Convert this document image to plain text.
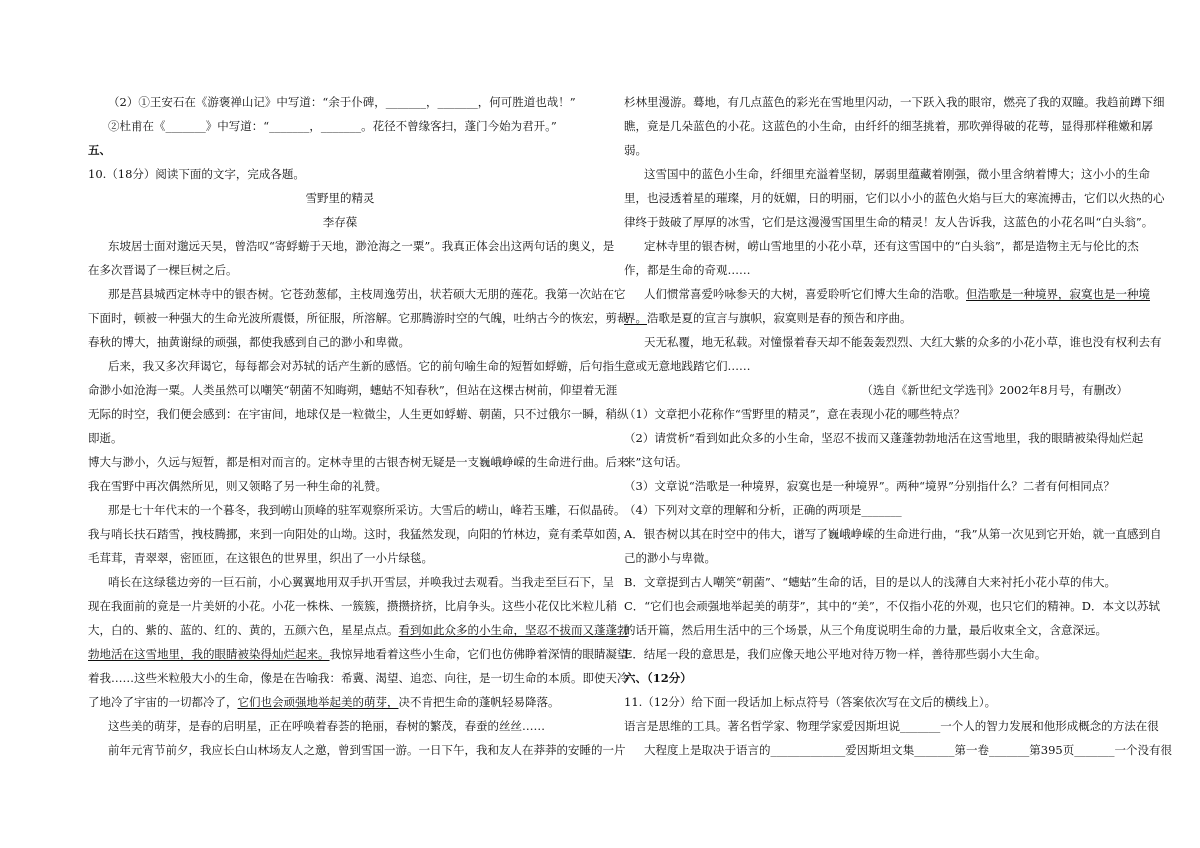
（2）①王安石在《游褒禅山记》中写道：“余于仆碑，_______，_______，何可胜道也哉！”
②杜甫在《_______》中写道：“_______，_______。花径不曾缘客扫，蓬门今始为君开。”
五、
10.（18分）阅读下面的文字，完成各题。
雪野里的精灵
李存葆
东坡居士面对邈远天昊，曾浩叹“寄蜉蝣于天地，渺沧海之一粟”。我真正体会出这两句话的奥义，是
在多次晋谒了一棵巨树之后。
那是莒县城西定林寺中的银杏树。它苍劲葱郁，主枝周逸劳出，状若硕大无朋的莲花。我第一次站在它
下面时，顿被一种强大的生命光波所震慑，所征服，所溶解。它那腾游时空的气魄，吐纳古今的恢宏，剪裁
春秋的博大，抽黄谢绿的顽强，都使我感到自己的渺小和卑微。
后来，我又多次拜谒它，每每都会对苏轼的话产生新的感悟。它的前句喻生命的短暂如蜉蝣，后句指生
命渺小如沧海一粟。人类虽然可以嘲笑“朝菌不知晦朔，蟪蛄不知春秋”，但站在这棵古树前，仰望着无涯
无际的时空，我们便会感到：在宇宙间，地球仅是一粒微尘，人生更如蜉蝣、朝菌，只不过俄尔一瞬，稍纵
即逝。
博大与渺小，久远与短暂，都是相对而言的。定林寺里的古银杏树无疑是一支巍峨峥嵘的生命进行曲。后来
我在雪野中再次偶然所见，则又领略了另一种生命的礼赞。
那是七十年代末的一个暮冬，我到崂山顶峰的驻军观察所采访。大雪后的崂山，峰若玉雕，石似晶砖。
我与哨长扶石踏雪，拽枝腾挪，来到一向阳处的山坳。这时，我猛然发现，向阳的竹林边，竟有柔草如茵，
毛茸茸，青翠翠，密匝匝，在这银色的世界里，织出了一小片绿毯。
哨长在这绿毯边旁的一巨石前，小心翼翼地用双手扒开雪层，并唤我过去观看。当我走至巨石下，呈
现在我面前的竟是一片美妍的小花。小花一株株、一簇簇，攒攒挤挤，比肩争头。这些小花仅比米粒儿稍
大，白的、紫的、蓝的、红的、黄的，五颜六色，星星点点。看到如此众多的小生命，坚忍不拔而又蓬蓬勃
勃地活在这雪地里，我的眼睛被染得灿烂起来。我惊异地看着这些小生命，它们也仿佛睁着深情的眼睛凝望
着我……这些米粒般大小的生命，像是在告喻我：希冀、渴望、追恋、向往，是一切生命的本质。即使天冷
了地冷了宇宙的一切都冷了，它们也会顽强地举起美的萌芽，决不肯把生命的蓬帆轻易降落。
这些美的萌芽，是春的启明星，正在呼唤着春荟的艳丽，春树的繁茂，春蚕的丝丝……
前年元宵节前夕，我应长白山林场友人之邀，曾到雪国一游。一日下午，我和友人在莽莽的安睡的一片
杉林里漫游。蓦地，有几点蓝色的彩光在雪地里闪动，一下跃入我的眼帘，燃亮了我的双瞳。我趋前蹲下细
瞧，竟是几朵蓝色的小花。这蓝色的小生命，由纤纤的细茎挑着，那吹弹得破的花萼，显得那样稚嫩和孱
弱。
这雪国中的蓝色小生命，纤细里充溢着坚韧，孱弱里蕴藏着刚强，微小里含纳着博大；这小小的生命
里，也浸透着星的璀璨，月的妩媚，日的明丽，它们以小小的蓝色火焰与巨大的寒流搏击，它们以火热的心
律终于鼓破了厚厚的冰雪，它们是这漫漫雪国里生命的精灵！友人告诉我，这蓝色的小花名叫“白头翁”。
定林寺里的银杏树，崂山雪地里的小花小草，还有这雪国中的“白头翁”，都是造物主无与伦比的杰
作，都是生命的奇观……
人们惯常喜爱吟咏参天的大树，喜爱聆听它们博大生命的浩歌。但浩歌是一种境界，寂寞也是一种境
界。浩歌是夏的宣言与旗帜，寂寞则是春的预告和序曲。
天无私覆，地无私载。对憧憬着春天却不能轰轰烈烈、大红大紫的众多的小花小草，谁也没有权利去有
意或无意地践踏它们……
（选自《新世纪文学选刊》2002年8月号，有删改）
（1）文章把小花称作“雪野里的精灵”，意在表现小花的哪些特点？
（2）请赏析“看到如此众多的小生命，坚忍不拔而又蓬蓬勃勃地活在这雪地里，我的眼睛被染得灿烂起
来”这句话。
（3）文章说“浩歌是一种境界，寂寞也是一种境界”。两种“境界”分别指什么？二者有何相同点？
（4）下列对文章的理解和分析，正确的两项是_______
A．银杏树以其在时空中的伟大，谱写了巍峨峥嵘的生命进行曲，“我”从第一次见到它开始，就一直感到自
己的渺小与卑微。
B．文章提到古人嘲笑“朝菌”、“蟪蛄”生命的话，目的是以人的浅薄自大来衬托小花小草的伟大。
C．“它们也会顽强地举起美的萌芽”，其中的“美”，不仅指小花的外观，也只它们的精神。D．本文以苏轼
的话开篇，然后用生活中的三个场景，从三个角度说明生命的力量，最后收束全文，含意深远。
E．结尾一段的意思是，我们应像天地公平地对待万物一样，善待那些弱小大生命。
六、（12分）
11.（12分）给下面一段话加上标点符号（答案依次写在文后的横线上）。
语言是思维的工具。著名哲学家、物理学家爱因斯坦说_______一个人的智力发展和他形成概念的方法在很
大程度上是取决于语言的_____________爱因斯坦文集_______第一卷_______第395页_______一个没有很
